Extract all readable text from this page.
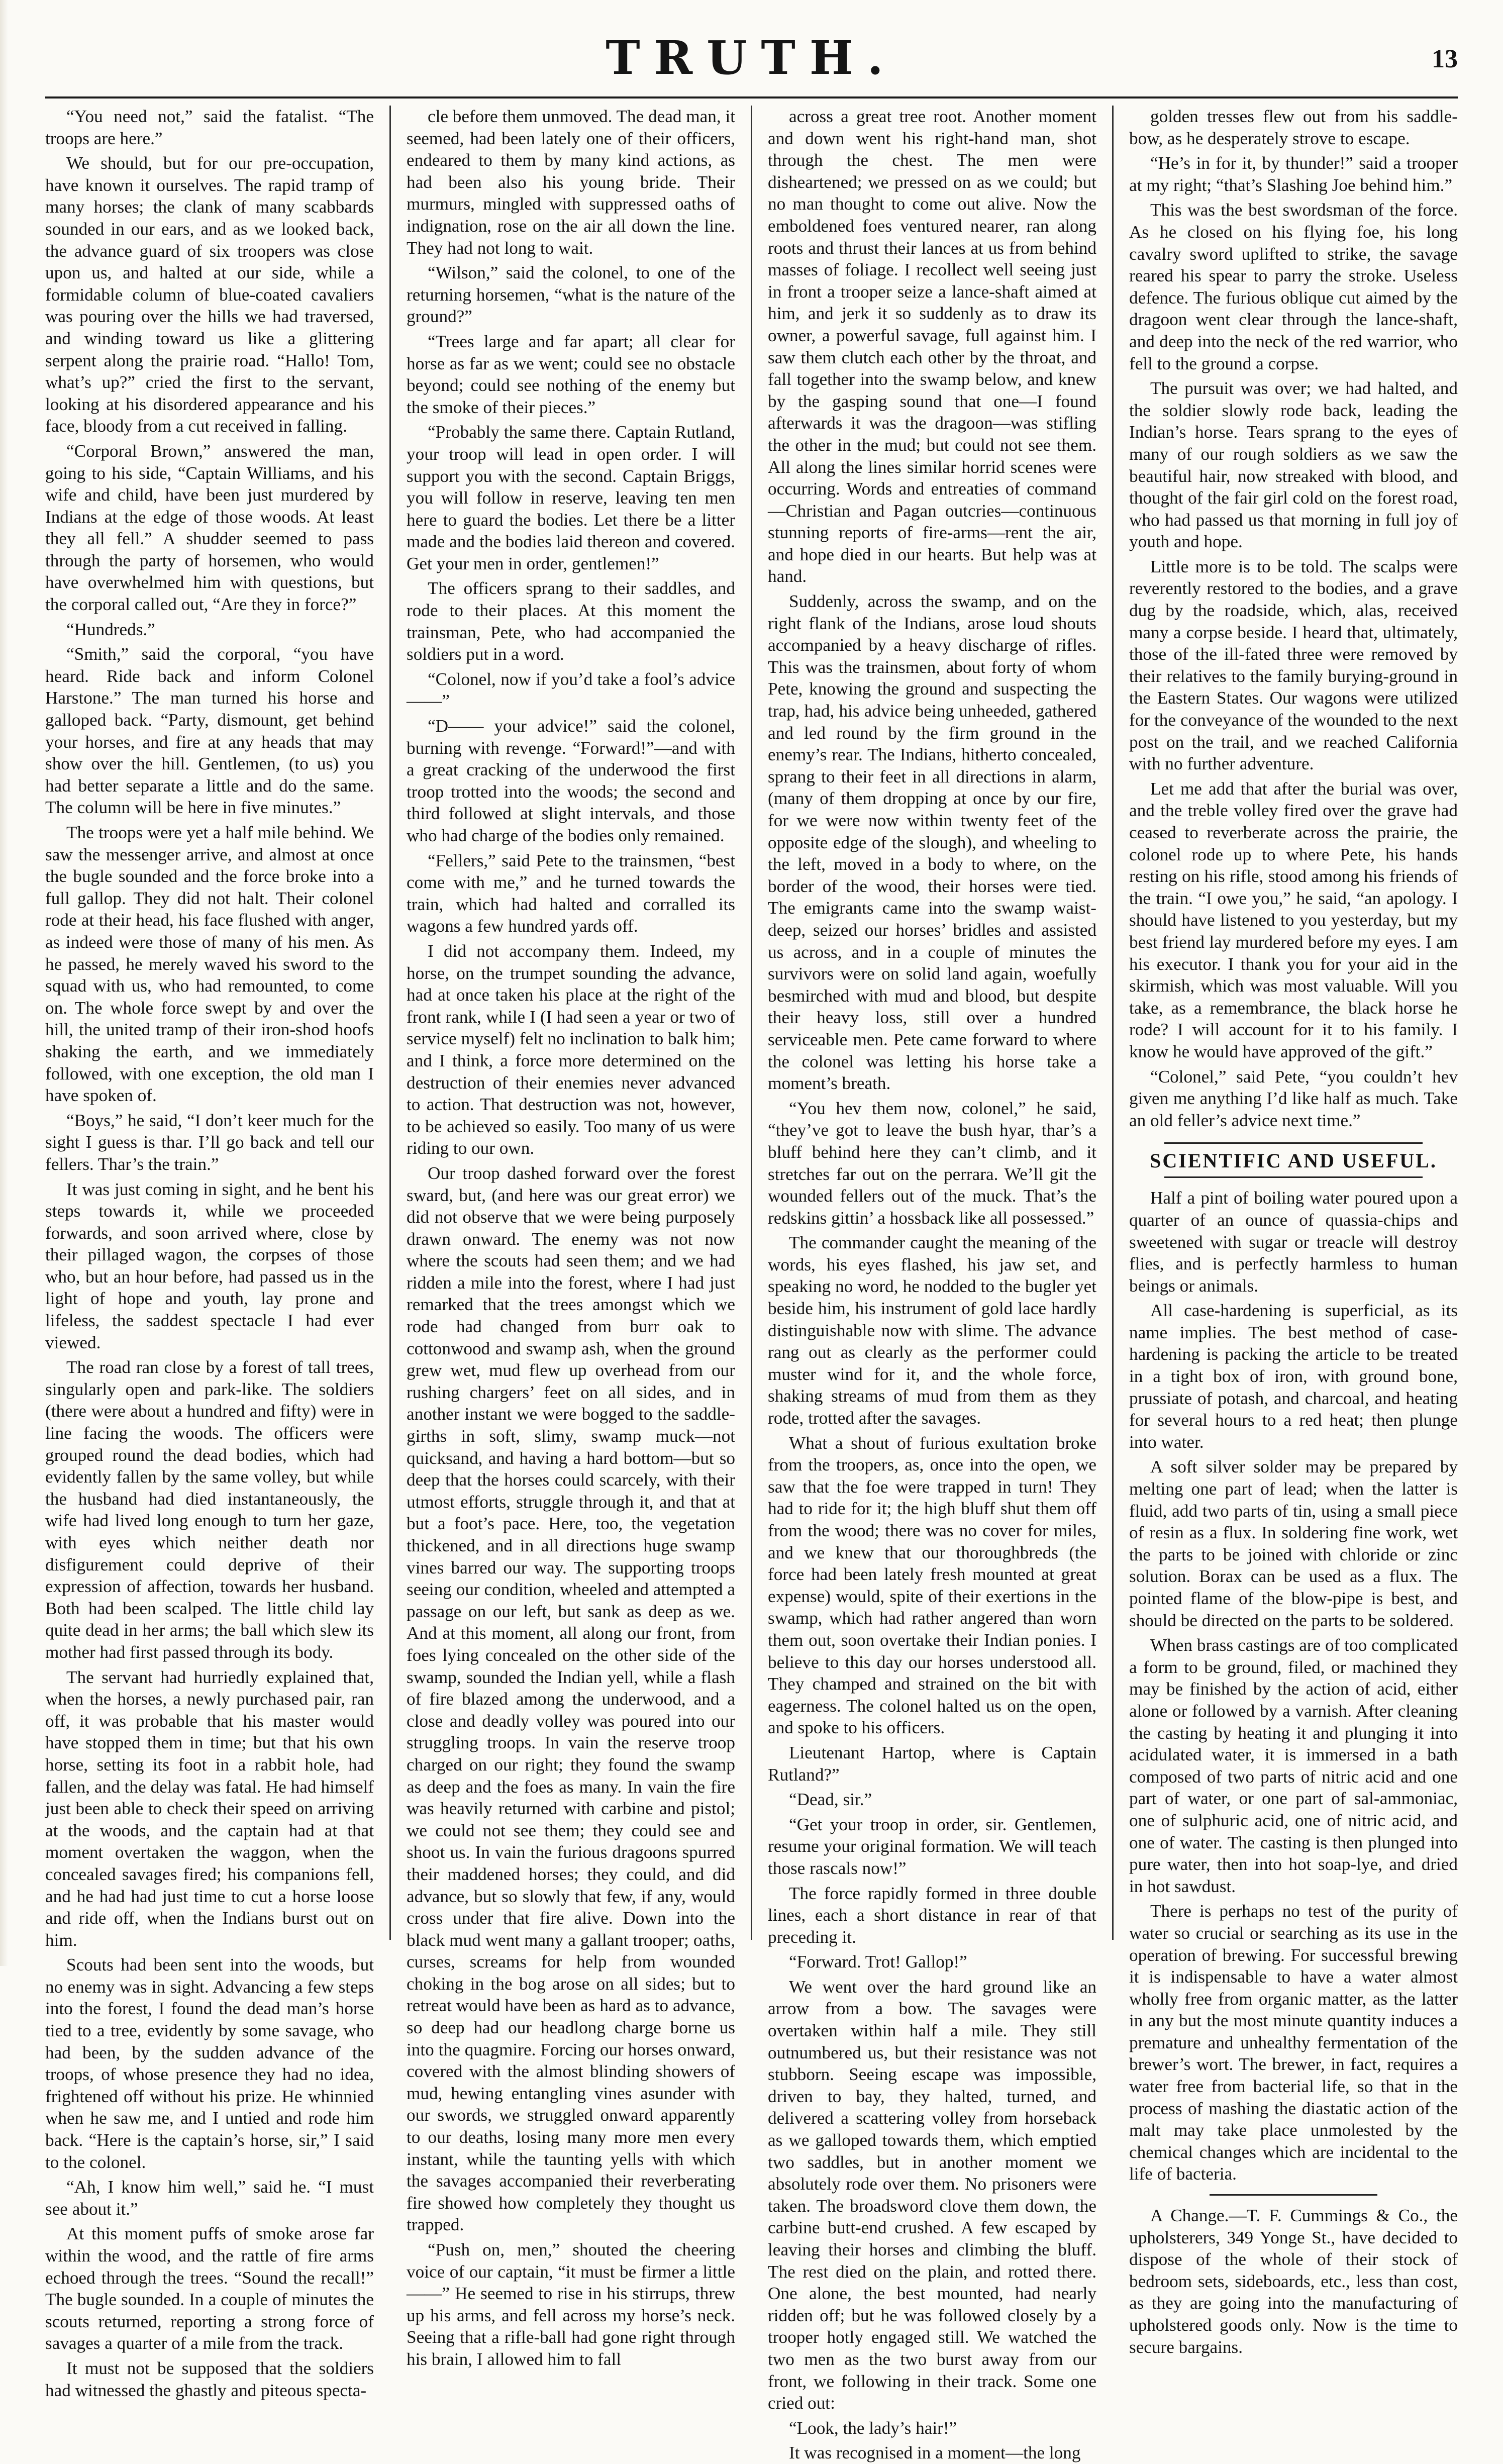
TRUTH.	13

“You need not,” said the fatalist. “The troops are here.”

We should, but for our pre-occupation, have known it ourselves. The rapid tramp of many horses; the clank of many scabbards sounded in our ears, and as we looked back, the advance guard of six troopers was close upon us, and halted at our side, while a formidable column of blue-coated cavaliers was pouring over the hills we had traversed, and winding toward us like a glittering serpent along the prairie road. “Hallo! Tom, what’s up?” cried the first to the servant, looking at his disordered appearance and his face, bloody from a cut received in falling.

“Corporal Brown,” answered the man, going to his side, “Captain Williams, and his wife and child, have been just murdered by Indians at the edge of those woods. At least they all fell.” A shudder seemed to pass through the party of horsemen, who would have overwhelmed him with questions, but the corporal called out, “Are they in force?”

“Hundreds.”

“Smith,” said the corporal, “you have heard. Ride back and inform Colonel Harstone.” The man turned his horse and galloped back. “Party, dismount, get behind your horses, and fire at any heads that may show over the hill. Gentlemen, (to us) you had better separate a little and do the same. The column will be here in five minutes.”

The troops were yet a half mile behind. We saw the messenger arrive, and almost at once the bugle sounded and the force broke into a full gallop. They did not halt. Their colonel rode at their head, his face flushed with anger, as indeed were those of many of his men. As he passed, he merely waved his sword to the squad with us, who had remounted, to come on. The whole force swept by and over the hill, the united tramp of their iron-shod hoofs shaking the earth, and we immediately followed, with one exception, the old man I have spoken of.

“Boys,” he said, “I don’t keer much for the sight I guess is thar. I’ll go back and tell our fellers. Thar’s the train.”

It was just coming in sight, and he bent his steps towards it, while we proceeded forwards, and soon arrived where, close by their pillaged wagon, the corpses of those who, but an hour before, had passed us in the light of hope and youth, lay prone and lifeless, the saddest spectacle I had ever viewed.

The road ran close by a forest of tall trees, singularly open and park-like. The soldiers (there were about a hundred and fifty) were in line facing the woods. The officers were grouped round the dead bodies, which had evidently fallen by the same volley, but while the husband had died instantaneously, the wife had lived long enough to turn her gaze, with eyes which neither death nor disfigurement could deprive of their expression of affection, towards her husband. Both had been scalped. The little child lay quite dead in her arms; the ball which slew its mother had first passed through its body.

The servant had hurriedly explained that, when the horses, a newly purchased pair, ran off, it was probable that his master would have stopped them in time; but that his own horse, setting its foot in a rabbit hole, had fallen, and the delay was fatal. He had himself just been able to check their speed on arriving at the woods, and the captain had at that moment overtaken the waggon, when the concealed savages fired; his companions fell, and he had had just time to cut a horse loose and ride off, when the Indians burst out on him.

Scouts had been sent into the woods, but no enemy was in sight. Advancing a few steps into the forest, I found the dead man’s horse tied to a tree, evidently by some savage, who had been, by the sudden advance of the troops, of whose presence they had no idea, frightened off without his prize. He whinnied when he saw me, and I untied and rode him back. “Here is the captain’s horse, sir,” I said to the colonel.

“Ah, I know him well,” said he. “I must see about it.”

At this moment puffs of smoke arose far within the wood, and the rattle of fire arms echoed through the trees. “Sound the recall!” The bugle sounded. In a couple of minutes the scouts returned, reporting a strong force of savages a quarter of a mile from the track.

It must not be supposed that the soldiers had witnessed the ghastly and piteous specta-

cle before them unmoved. The dead man, it seemed, had been lately one of their officers, endeared to them by many kind actions, as had been also his young bride. Their murmurs, mingled with suppressed oaths of indignation, rose on the air all down the line. They had not long to wait.

“Wilson,” said the colonel, to one of the returning horsemen, “what is the nature of the ground?”

“Trees large and far apart; all clear for horse as far as we went; could see no obstacle beyond; could see nothing of the enemy but the smoke of their pieces.”

“Probably the same there. Captain Rutland, your troop will lead in open order. I will support you with the second. Captain Briggs, you will follow in reserve, leaving ten men here to guard the bodies. Let there be a litter made and the bodies laid thereon and covered. Get your men in order, gentlemen!”

The officers sprang to their saddles, and rode to their places. At this moment the trainsman, Pete, who had accompanied the soldiers put in a word.

“Colonel, now if you’d take a fool’s advice——”

“D—— your advice!” said the colonel, burning with revenge. “Forward!”—and with a great cracking of the underwood the first troop trotted into the woods; the second and third followed at slight intervals, and those who had charge of the bodies only remained.

“Fellers,” said Pete to the trainsmen, “best come with me,” and he turned towards the train, which had halted and corralled its wagons a few hundred yards off.

I did not accompany them. Indeed, my horse, on the trumpet sounding the advance, had at once taken his place at the right of the front rank, while I (I had seen a year or two of service myself) felt no inclination to balk him; and I think, a force more determined on the destruction of their enemies never advanced to action. That destruction was not, however, to be achieved so easily. Too many of us were riding to our own.

Our troop dashed forward over the forest sward, but, (and here was our great error) we did not observe that we were being purposely drawn onward. The enemy was not now where the scouts had seen them; and we had ridden a mile into the forest, where I had just remarked that the trees amongst which we rode had changed from burr oak to cottonwood and swamp ash, when the ground grew wet, mud flew up overhead from our rushing chargers’ feet on all sides, and in another instant we were bogged to the saddle-girths in soft, slimy, swamp muck—not quicksand, and having a hard bottom—but so deep that the horses could scarcely, with their utmost efforts, struggle through it, and that at but a foot’s pace. Here, too, the vegetation thickened, and in all directions huge swamp vines barred our way. The supporting troops seeing our condition, wheeled and attempted a passage on our left, but sank as deep as we. And at this moment, all along our front, from foes lying concealed on the other side of the swamp, sounded the Indian yell, while a flash of fire blazed among the underwood, and a close and deadly volley was poured into our struggling troops. In vain the reserve troop charged on our right; they found the swamp as deep and the foes as many. In vain the fire was heavily returned with carbine and pistol; we could not see them; they could see and shoot us. In vain the furious dragoons spurred their maddened horses; they could, and did advance, but so slowly that few, if any, would cross under that fire alive. Down into the black mud went many a gallant trooper; oaths, curses, screams for help from wounded choking in the bog arose on all sides; but to retreat would have been as hard as to advance, so deep had our headlong charge borne us into the quagmire. Forcing our horses onward, covered with the almost blinding showers of mud, hewing entangling vines asunder with our swords, we struggled onward apparently to our deaths, losing many more men every instant, while the taunting yells with which the savages accompanied their reverberating fire showed how completely they thought us trapped.

“Push on, men,” shouted the cheering voice of our captain, “it must be firmer a little——” He seemed to rise in his stirrups, threw up his arms, and fell across my horse’s neck. Seeing that a rifle-ball had gone right through his brain, I allowed him to fall

across a great tree root. Another moment and down went his right-hand man, shot through the chest. The men were disheartened; we pressed on as we could; but no man thought to come out alive. Now the emboldened foes ventured nearer, ran along roots and thrust their lances at us from behind masses of foliage. I recollect well seeing just in front a trooper seize a lance-shaft aimed at him, and jerk it so suddenly as to draw its owner, a powerful savage, full against him. I saw them clutch each other by the throat, and fall together into the swamp below, and knew by the gasping sound that one—I found afterwards it was the dragoon—was stifling the other in the mud; but could not see them. All along the lines similar horrid scenes were occurring. Words and entreaties of command—Christian and Pagan outcries—continuous stunning reports of fire-arms—rent the air, and hope died in our hearts. But help was at hand.

Suddenly, across the swamp, and on the right flank of the Indians, arose loud shouts accompanied by a heavy discharge of rifles. This was the trainsmen, about forty of whom Pete, knowing the ground and suspecting the trap, had, his advice being unheeded, gathered and led round by the firm ground in the enemy’s rear. The Indians, hitherto concealed, sprang to their feet in all directions in alarm, (many of them dropping at once by our fire, for we were now within twenty feet of the opposite edge of the slough), and wheeling to the left, moved in a body to where, on the border of the wood, their horses were tied. The emigrants came into the swamp waist-deep, seized our horses’ bridles and assisted us across, and in a couple of minutes the survivors were on solid land again, woefully besmirched with mud and blood, but despite their heavy loss, still over a hundred serviceable men. Pete came forward to where the colonel was letting his horse take a moment’s breath.

“You hev them now, colonel,” he said, “they’ve got to leave the bush hyar, thar’s a bluff behind here they can’t climb, and it stretches far out on the perrara. We’ll git the wounded fellers out of the muck. That’s the redskins gittin’ a hossback like all possessed.”

The commander caught the meaning of the words, his eyes flashed, his jaw set, and speaking no word, he nodded to the bugler yet beside him, his instrument of gold lace hardly distinguishable now with slime. The advance rang out as clearly as the performer could muster wind for it, and the whole force, shaking streams of mud from them as they rode, trotted after the savages.

What a shout of furious exultation broke from the troopers, as, once into the open, we saw that the foe were trapped in turn! They had to ride for it; the high bluff shut them off from the wood; there was no cover for miles, and we knew that our thoroughbreds (the force had been lately fresh mounted at great expense) would, spite of their exertions in the swamp, which had rather angered than worn them out, soon overtake their Indian ponies. I believe to this day our horses understood all. They champed and strained on the bit with eagerness. The colonel halted us on the open, and spoke to his officers.

Lieutenant Hartop, where is Captain Rutland?”

“Dead, sir.”

“Get your troop in order, sir. Gentlemen, resume your original formation. We will teach those rascals now!”

The force rapidly formed in three double lines, each a short distance in rear of that preceding it.

“Forward. Trot! Gallop!”

We went over the hard ground like an arrow from a bow. The savages were overtaken within half a mile. They still outnumbered us, but their resistance was not stubborn. Seeing escape was impossible, driven to bay, they halted, turned, and delivered a scattering volley from horseback as we galloped towards them, which emptied two saddles, but in another moment we absolutely rode over them. No prisoners were taken. The broadsword clove them down, the carbine butt-end crushed. A few escaped by leaving their horses and climbing the bluff. The rest died on the plain, and rotted there. One alone, the best mounted, had nearly ridden off; but he was followed closely by a trooper hotly engaged still. We watched the two men as the two burst away from our front, we following in their track. Some one cried out:

“Look, the lady’s hair!”

It was recognised in a moment—the long

golden tresses flew out from his saddle-bow, as he desperately strove to escape.

“He’s in for it, by thunder!” said a trooper at my right; “that’s Slashing Joe behind him.”

This was the best swordsman of the force. As he closed on his flying foe, his long cavalry sword uplifted to strike, the savage reared his spear to parry the stroke. Useless defence. The furious oblique cut aimed by the dragoon went clear through the lance-shaft, and deep into the neck of the red warrior, who fell to the ground a corpse.

The pursuit was over; we had halted, and the soldier slowly rode back, leading the Indian’s horse. Tears sprang to the eyes of many of our rough soldiers as we saw the beautiful hair, now streaked with blood, and thought of the fair girl cold on the forest road, who had passed us that morning in full joy of youth and hope.

Little more is to be told. The scalps were reverently restored to the bodies, and a grave dug by the roadside, which, alas, received many a corpse beside. I heard that, ultimately, those of the ill-fated three were removed by their relatives to the family burying-ground in the Eastern States. Our wagons were utilized for the conveyance of the wounded to the next post on the trail, and we reached California with no further adventure.

Let me add that after the burial was over, and the treble volley fired over the grave had ceased to reverberate across the prairie, the colonel rode up to where Pete, his hands resting on his rifle, stood among his friends of the train. “I owe you,” he said, “an apology. I should have listened to you yesterday, but my best friend lay murdered before my eyes. I am his executor. I thank you for your aid in the skirmish, which was most valuable. Will you take, as a remembrance, the black horse he rode? I will account for it to his family. I know he would have approved of the gift.”

“Colonel,” said Pete, “you couldn’t hev given me anything I’d like half as much. Take an old feller’s advice next time.”

SCIENTIFIC AND USEFUL.

Half a pint of boiling water poured upon a quarter of an ounce of quassia-chips and sweetened with sugar or treacle will destroy flies, and is perfectly harmless to human beings or animals.

All case-hardening is superficial, as its name implies. The best method of case-hardening is packing the article to be treated in a tight box of iron, with ground bone, prussiate of potash, and charcoal, and heating for several hours to a red heat; then plunge into water.

A soft silver solder may be prepared by melting one part of lead; when the latter is fluid, add two parts of tin, using a small piece of resin as a flux. In soldering fine work, wet the parts to be joined with chloride or zinc solution. Borax can be used as a flux. The pointed flame of the blow-pipe is best, and should be directed on the parts to be soldered.

When brass castings are of too complicated a form to be ground, filed, or machined they may be finished by the action of acid, either alone or followed by a varnish. After cleaning the casting by heating it and plunging it into acidulated water, it is immersed in a bath composed of two parts of nitric acid and one part of water, or one part of sal-ammoniac, one of sulphuric acid, one of nitric acid, and one of water. The casting is then plunged into pure water, then into hot soap-lye, and dried in hot sawdust.

There is perhaps no test of the purity of water so crucial or searching as its use in the operation of brewing. For successful brewing it is indispensable to have a water almost wholly free from organic matter, as the latter in any but the most minute quantity induces a premature and unhealthy fermentation of the brewer’s wort. The brewer, in fact, requires a water free from bacterial life, so that in the process of mashing the diastatic action of the malt may take place unmolested by the chemical changes which are incidental to the life of bacteria.

A Change.—T. F. Cummings & Co., the upholsterers, 349 Yonge St., have decided to dispose of the whole of their stock of bedroom sets, sideboards, etc., less than cost, as they are going into the manufacturing of upholstered goods only. Now is the time to secure bargains.
